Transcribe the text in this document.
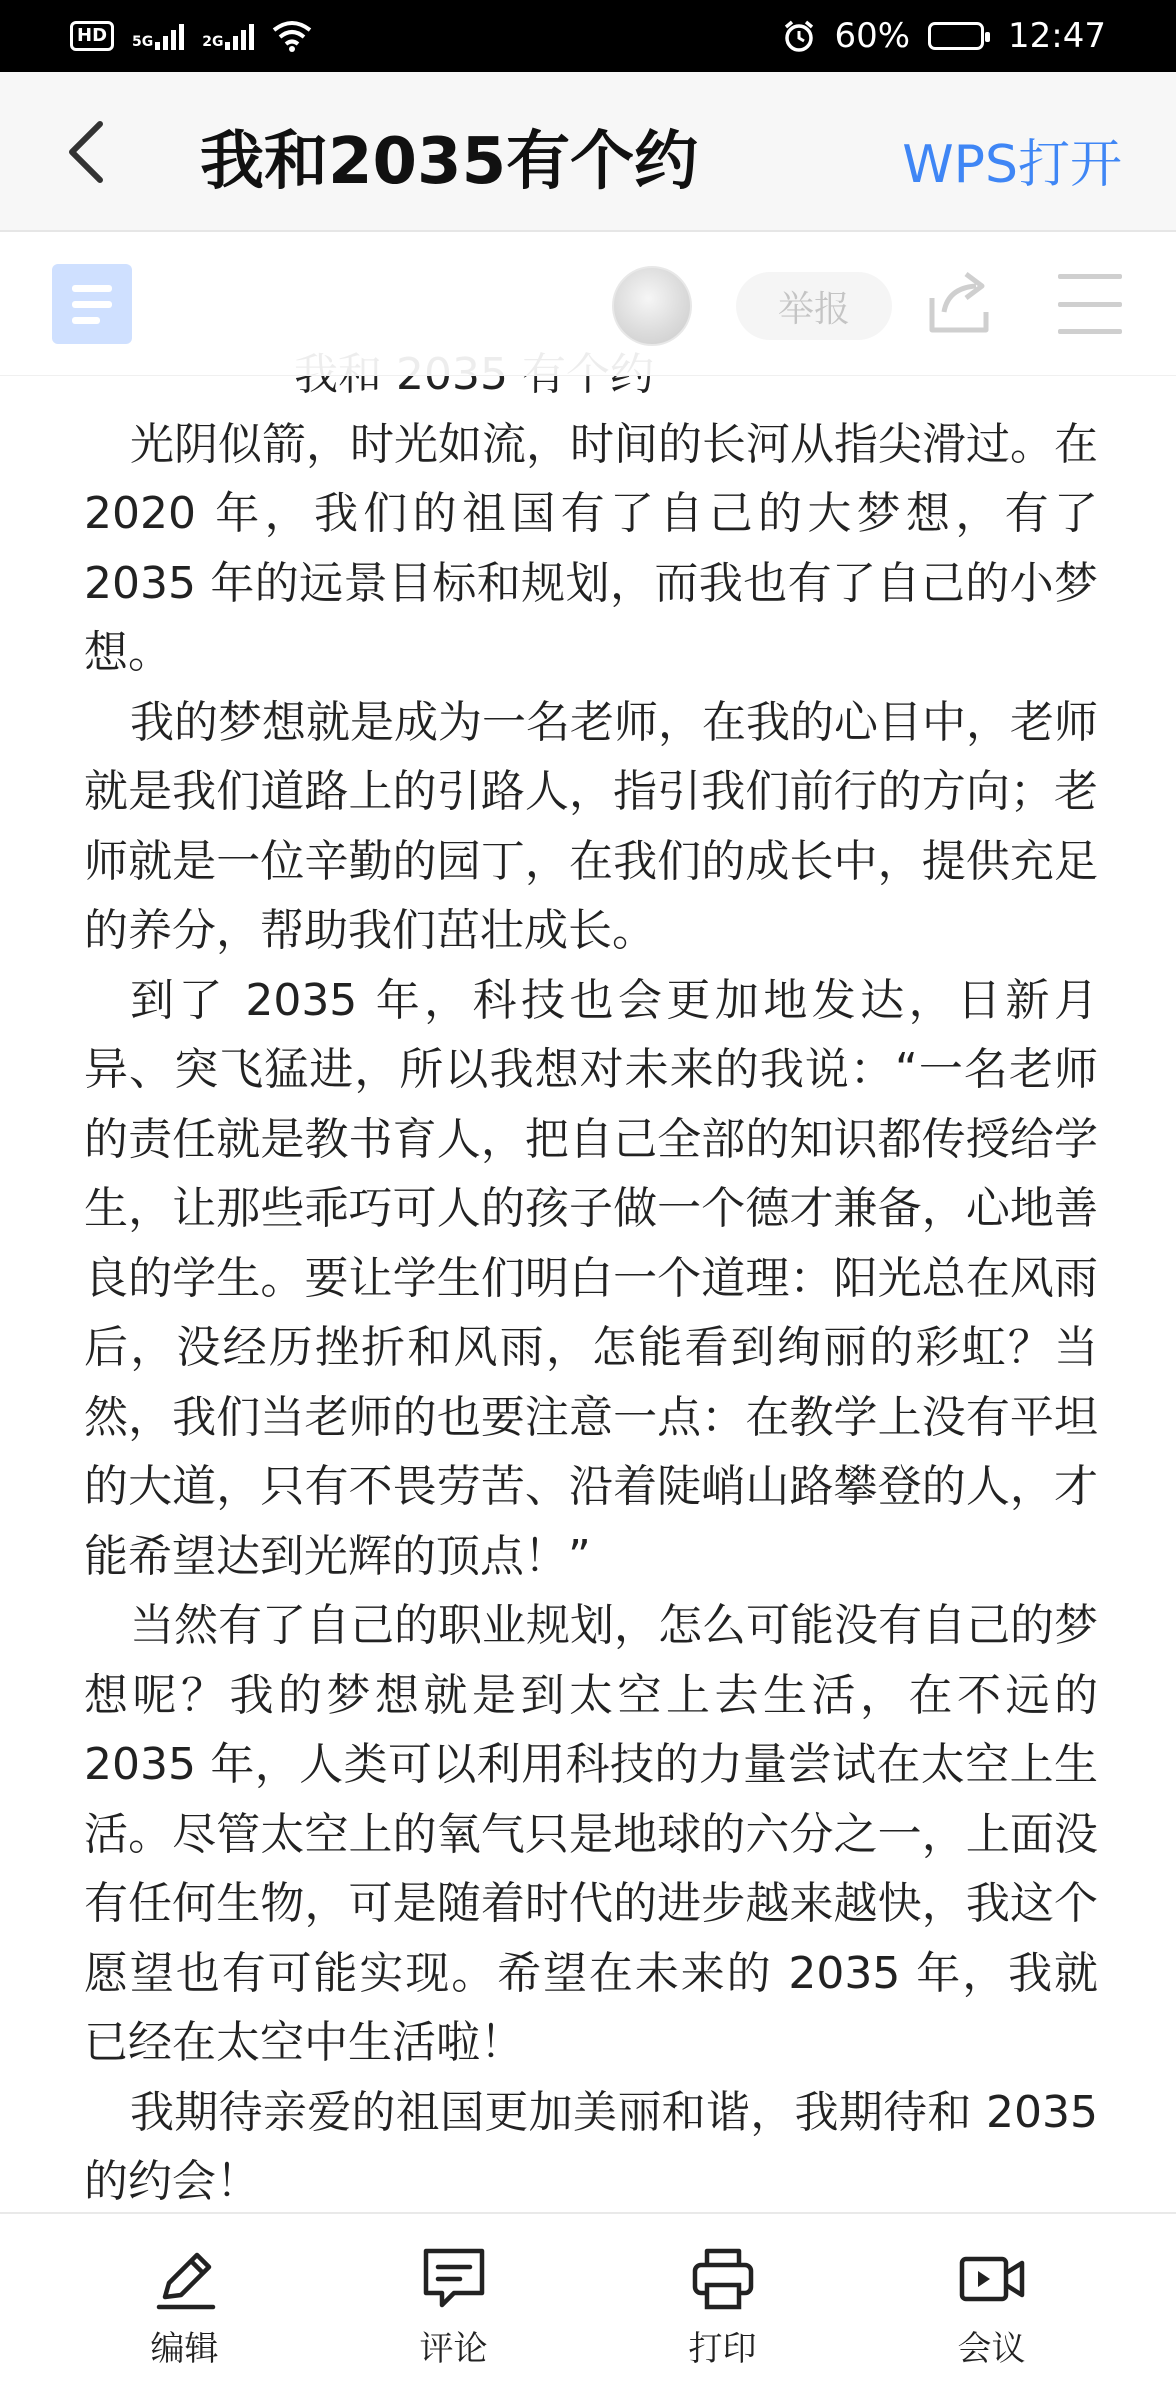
HD	5G	2G	60%	12:47
我和2035有个约	WPS打开

光阴似箭，时光如流，时间的长河从指尖滑过。在 2020 年，我们的祖国有了自己的大梦想，有了 2035 年的远景目标和规划，而我也有了自己的小梦想。

我的梦想就是成为一名老师，在我的心目中，老师就是我们道路上的引路人，指引我们前行的方向；老师就是一位辛勤的园丁，在我们的成长中，提供充足的养分，帮助我们茁壮成长。

到了 2035 年，科技也会更加地发达，日新月异、突飞猛进，所以我想对未来的我说：“一名老师的责任就是教书育人，把自己全部的知识都传授给学生，让那些乖巧可人的孩子做一个德才兼备，心地善良的学生。要让学生们明白一个道理：阳光总在风雨后，没经历挫折和风雨，怎能看到绚丽的彩虹？当然，我们当老师的也要注意一点：在教学上没有平坦的大道，只有不畏劳苦、沿着陡峭山路攀登的人，才能希望达到光辉的顶点！”

当然有了自己的职业规划，怎么可能没有自己的梦想呢？我的梦想就是到太空上去生活，在不远的 2035 年，人类可以利用科技的力量尝试在太空上生活。尽管太空上的氧气只是地球的六分之一，上面没有任何生物，可是随着时代的进步越来越快，我这个愿望也有可能实现。希望在未来的 2035 年，我就已经在太空中生活啦！

我期待亲爱的祖国更加美丽和谐，我期待和 2035 的约会！

举报
编辑	评论	打印	会议
